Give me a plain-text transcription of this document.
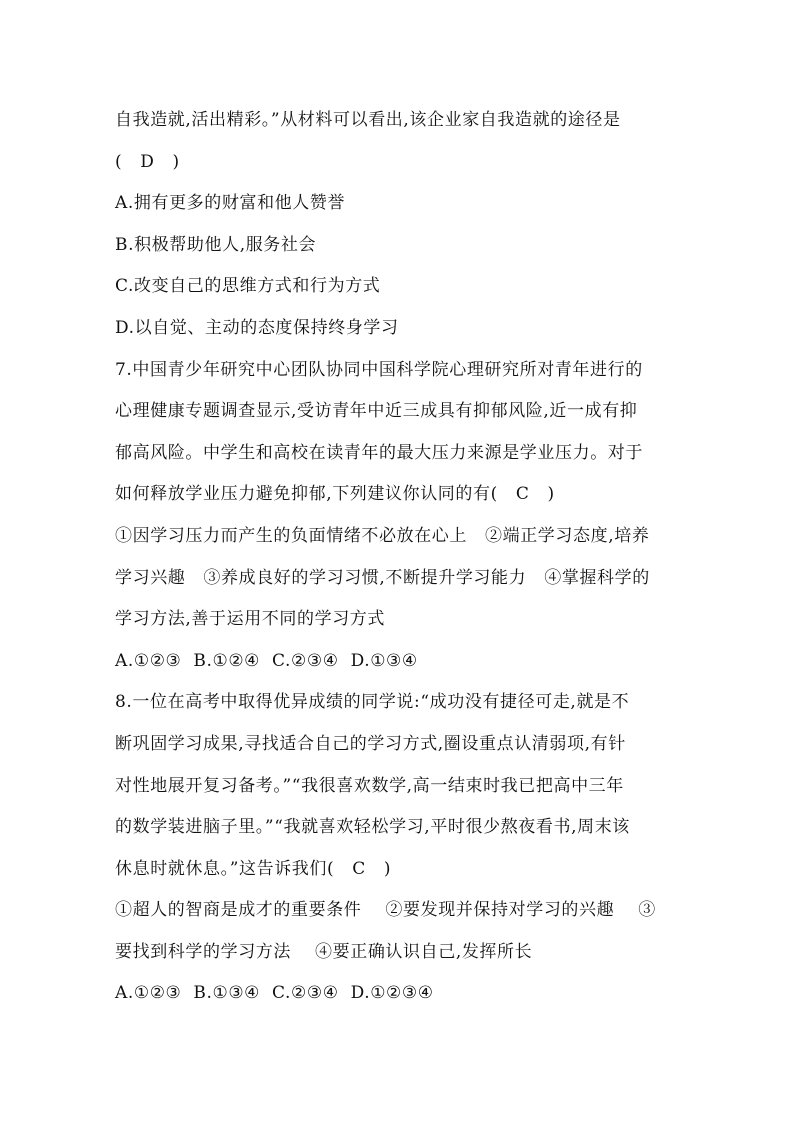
自我造就,活出精彩。”从材料可以看出,该企业家自我造就的途径是
(   D   )
A.拥有更多的财富和他人赞誉
B.积极帮助他人,服务社会
C.改变自己的思维方式和行为方式
D.以自觉、主动的态度保持终身学习
7.中国青少年研究中心团队协同中国科学院心理研究所对青年进行的
心理健康专题调查显示,受访青年中近三成具有抑郁风险,近一成有抑
郁高风险。中学生和高校在读青年的最大压力来源是学业压力。对于
如何释放学业压力避免抑郁,下列建议你认同的有(   C   )
①因学习压力而产生的负面情绪不必放在心上   ②端正学习态度,培养
学习兴趣   ③养成良好的学习习惯,不断提升学习能力   ④掌握科学的
学习方法,善于运用不同的学习方式
A.①②③  B.①②④  C.②③④  D.①③④
8.一位在高考中取得优异成绩的同学说:“成功没有捷径可走,就是不
断巩固学习成果,寻找适合自己的学习方式,圈设重点认清弱项,有针
对性地展开复习备考。”“我很喜欢数学,高一结束时我已把高中三年
的数学装进脑子里。”“我就喜欢轻松学习,平时很少熬夜看书,周末该
休息时就休息。”这告诉我们(   C   )
①超人的智商是成才的重要条件    ②要发现并保持对学习的兴趣    ③
要找到科学的学习方法    ④要正确认识自己,发挥所长
A.①②③  B.①③④  C.②③④  D.①②③④
